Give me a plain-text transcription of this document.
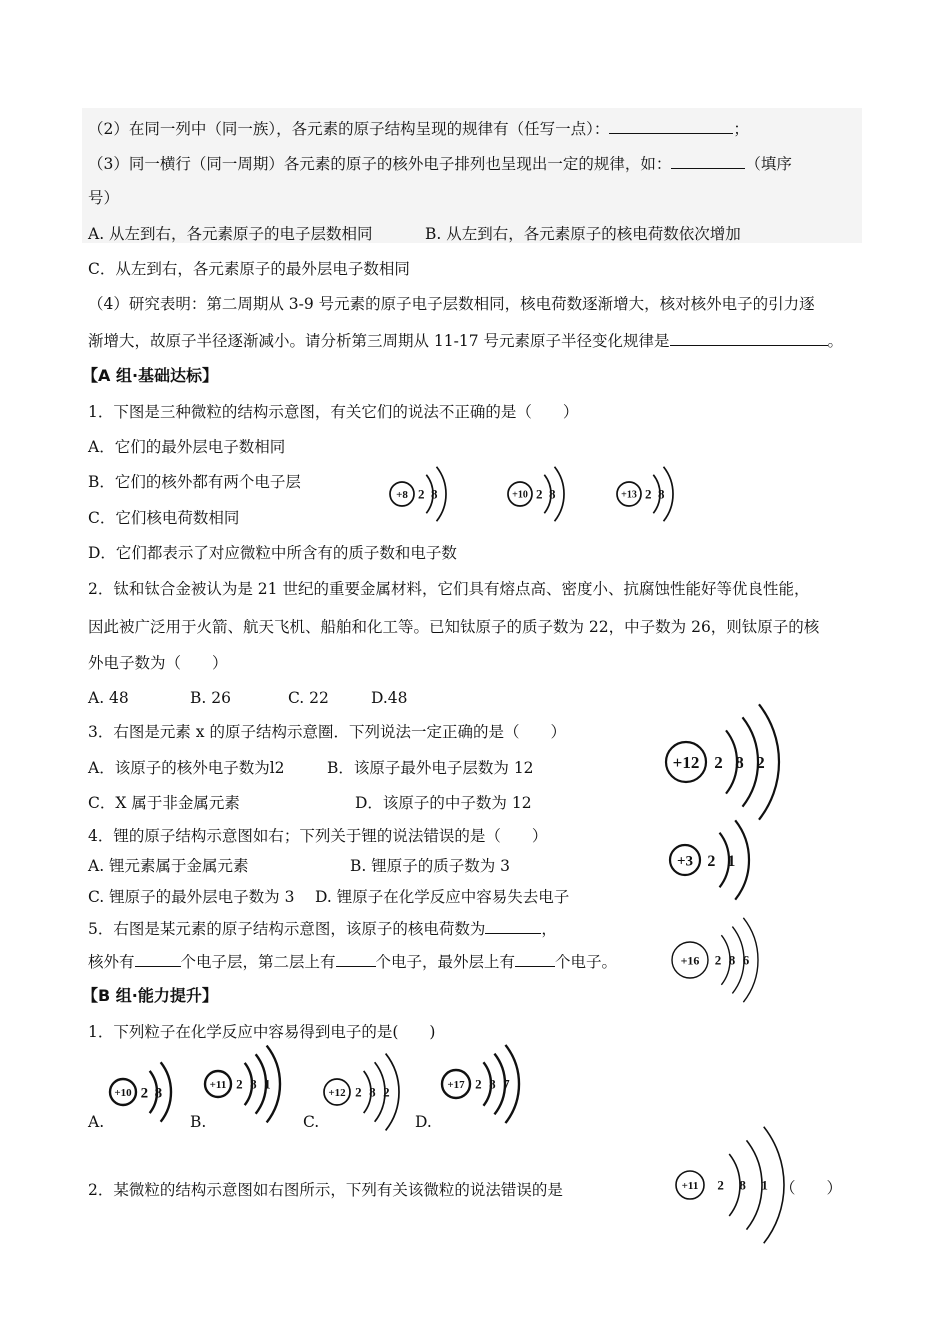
（2）在同一列中（同一族），各元素的原子结构呈现的规律有（任写一点）：	；
（3）同一横行（同一周期）各元素的原子的核外电子排列也呈现出一定的规律，如：	（填序
号）
A. 从左到右，各元素原子的电子层数相同	B. 从左到右，各元素原子的核电荷数依次增加
C．从左到右，各元素原子的最外层电子数相同
（4）研究表明：第二周期从 3-9 号元素的原子电子层数相同，核电荷数逐渐增大，核对核外电子的引力逐
渐增大，故原子半径逐渐减小。请分析第三周期从 11-17 号元素原子半径变化规律是	。
【A 组·基础达标】
1．下图是三种微粒的结构示意图，有关它们的说法不正确的是（　　）
A．它们的最外层电子数相同
B．它们的核外都有两个电子层
C．它们核电荷数相同
D．它们都表示了对应微粒中所含有的质子数和电子数
2．钛和钛合金被认为是 21 世纪的重要金属材料，它们具有熔点高、密度小、抗腐蚀性能好等优良性能，
因此被广泛用于火箭、航天飞机、船舶和化工等。已知钛原子的质子数为 22，中子数为 26，则钛原子的核
外电子数为（　　）
A. 48	B. 26	C. 22	D.48
3．右图是元素 x 的原子结构示意圈．下列说法一定正确的是（　　）
A．该原子的核外电子数为l2	B．该原子最外电子层数为 12
C．X 属于非金属元素	D．该原子的中子数为 12
4．锂的原子结构示意图如右；下列关于锂的说法错误的是（　　）
A. 锂元素属于金属元素	B. 锂原子的质子数为 3
C. 锂原子的最外层电子数为 3 D. 锂原子在化学反应中容易失去电子
5．右图是某元素的原子结构示意图，该原子的核电荷数为	，
核外有	个电子层，第二层上有	个电子，最外层上有	个电子。
【B 组·能力提升】
1．下列粒子在化学反应中容易得到电子的是(　　)
A.	B.	C.	D.
2．某微粒的结构示意图如右图所示，下列有关该微粒的说法错误的是	（　　）
+8 2 8	+10 2 8	+13 2 8
+12 2 8 2
+3 2 1
+16 2 8 6
+10 2 8
+11 2 8 1
+12 2 8 2	+17 2 8 7
+11 2 8 1
